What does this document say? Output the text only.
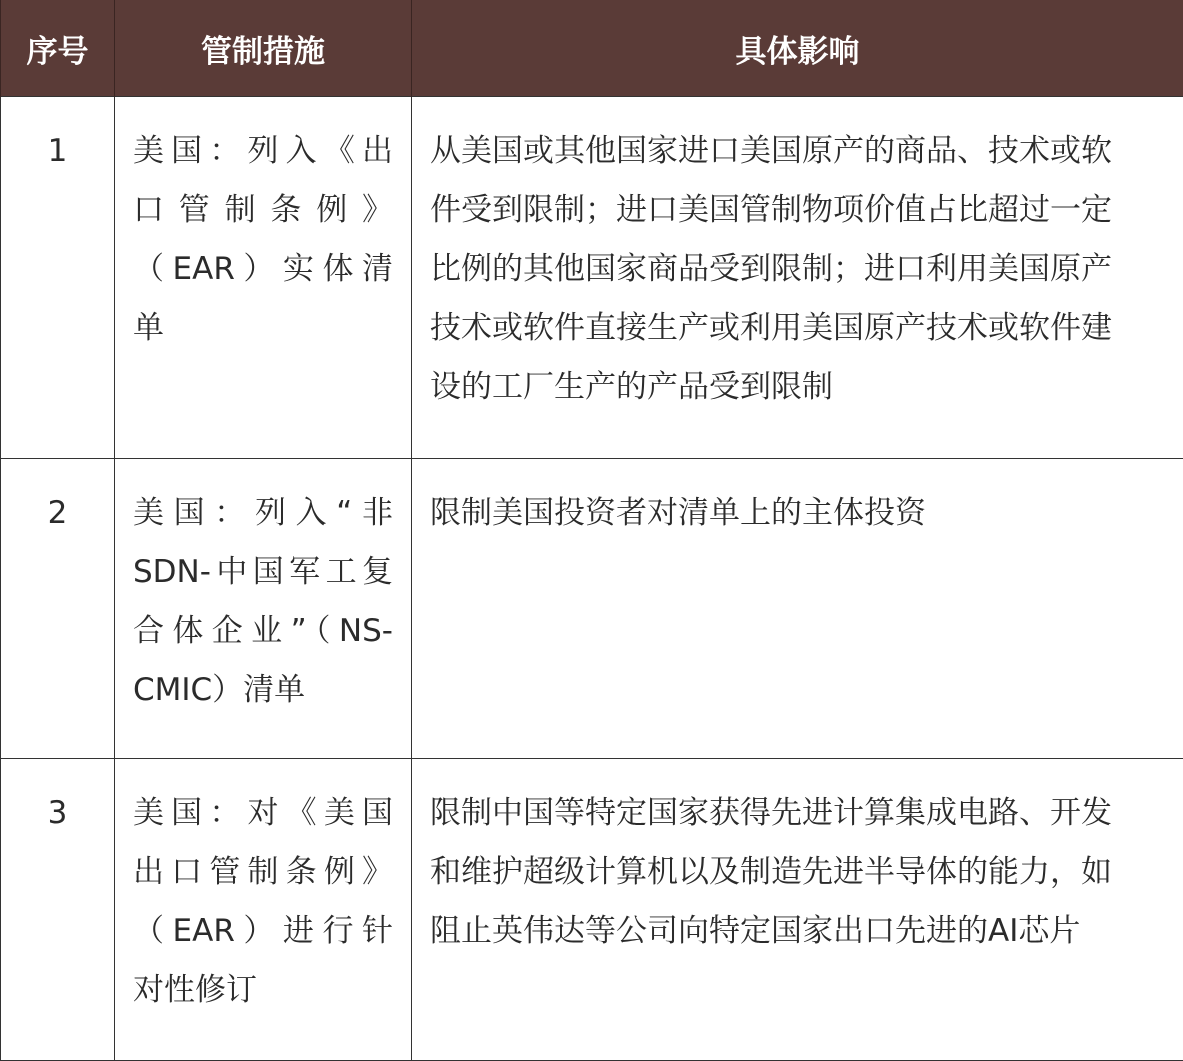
序号	管制措施	具体影响
1	美国：列入《出
口管制条例》
（EAR）实体清
单	从美国或其他国家进口美国原产的商品、技术或软
件受到限制；进口美国管制物项价值占比超过一定
比例的其他国家商品受到限制；进口利用美国原产
技术或软件直接生产或利用美国原产技术或软件建
设的工厂生产的产品受到限制

2	美国：列入“非
SDN-中国军工复
合体企业”（NS-
CMIC）清单	限制美国投资者对清单上的主体投资

3	美国：对《美国
出口管制条例》
（EAR）进行针
对性修订	限制中国等特定国家获得先进计算集成电路、开发
和维护超级计算机以及制造先进半导体的能力，如
阻止英伟达等公司向特定国家出口先进的AI芯片
